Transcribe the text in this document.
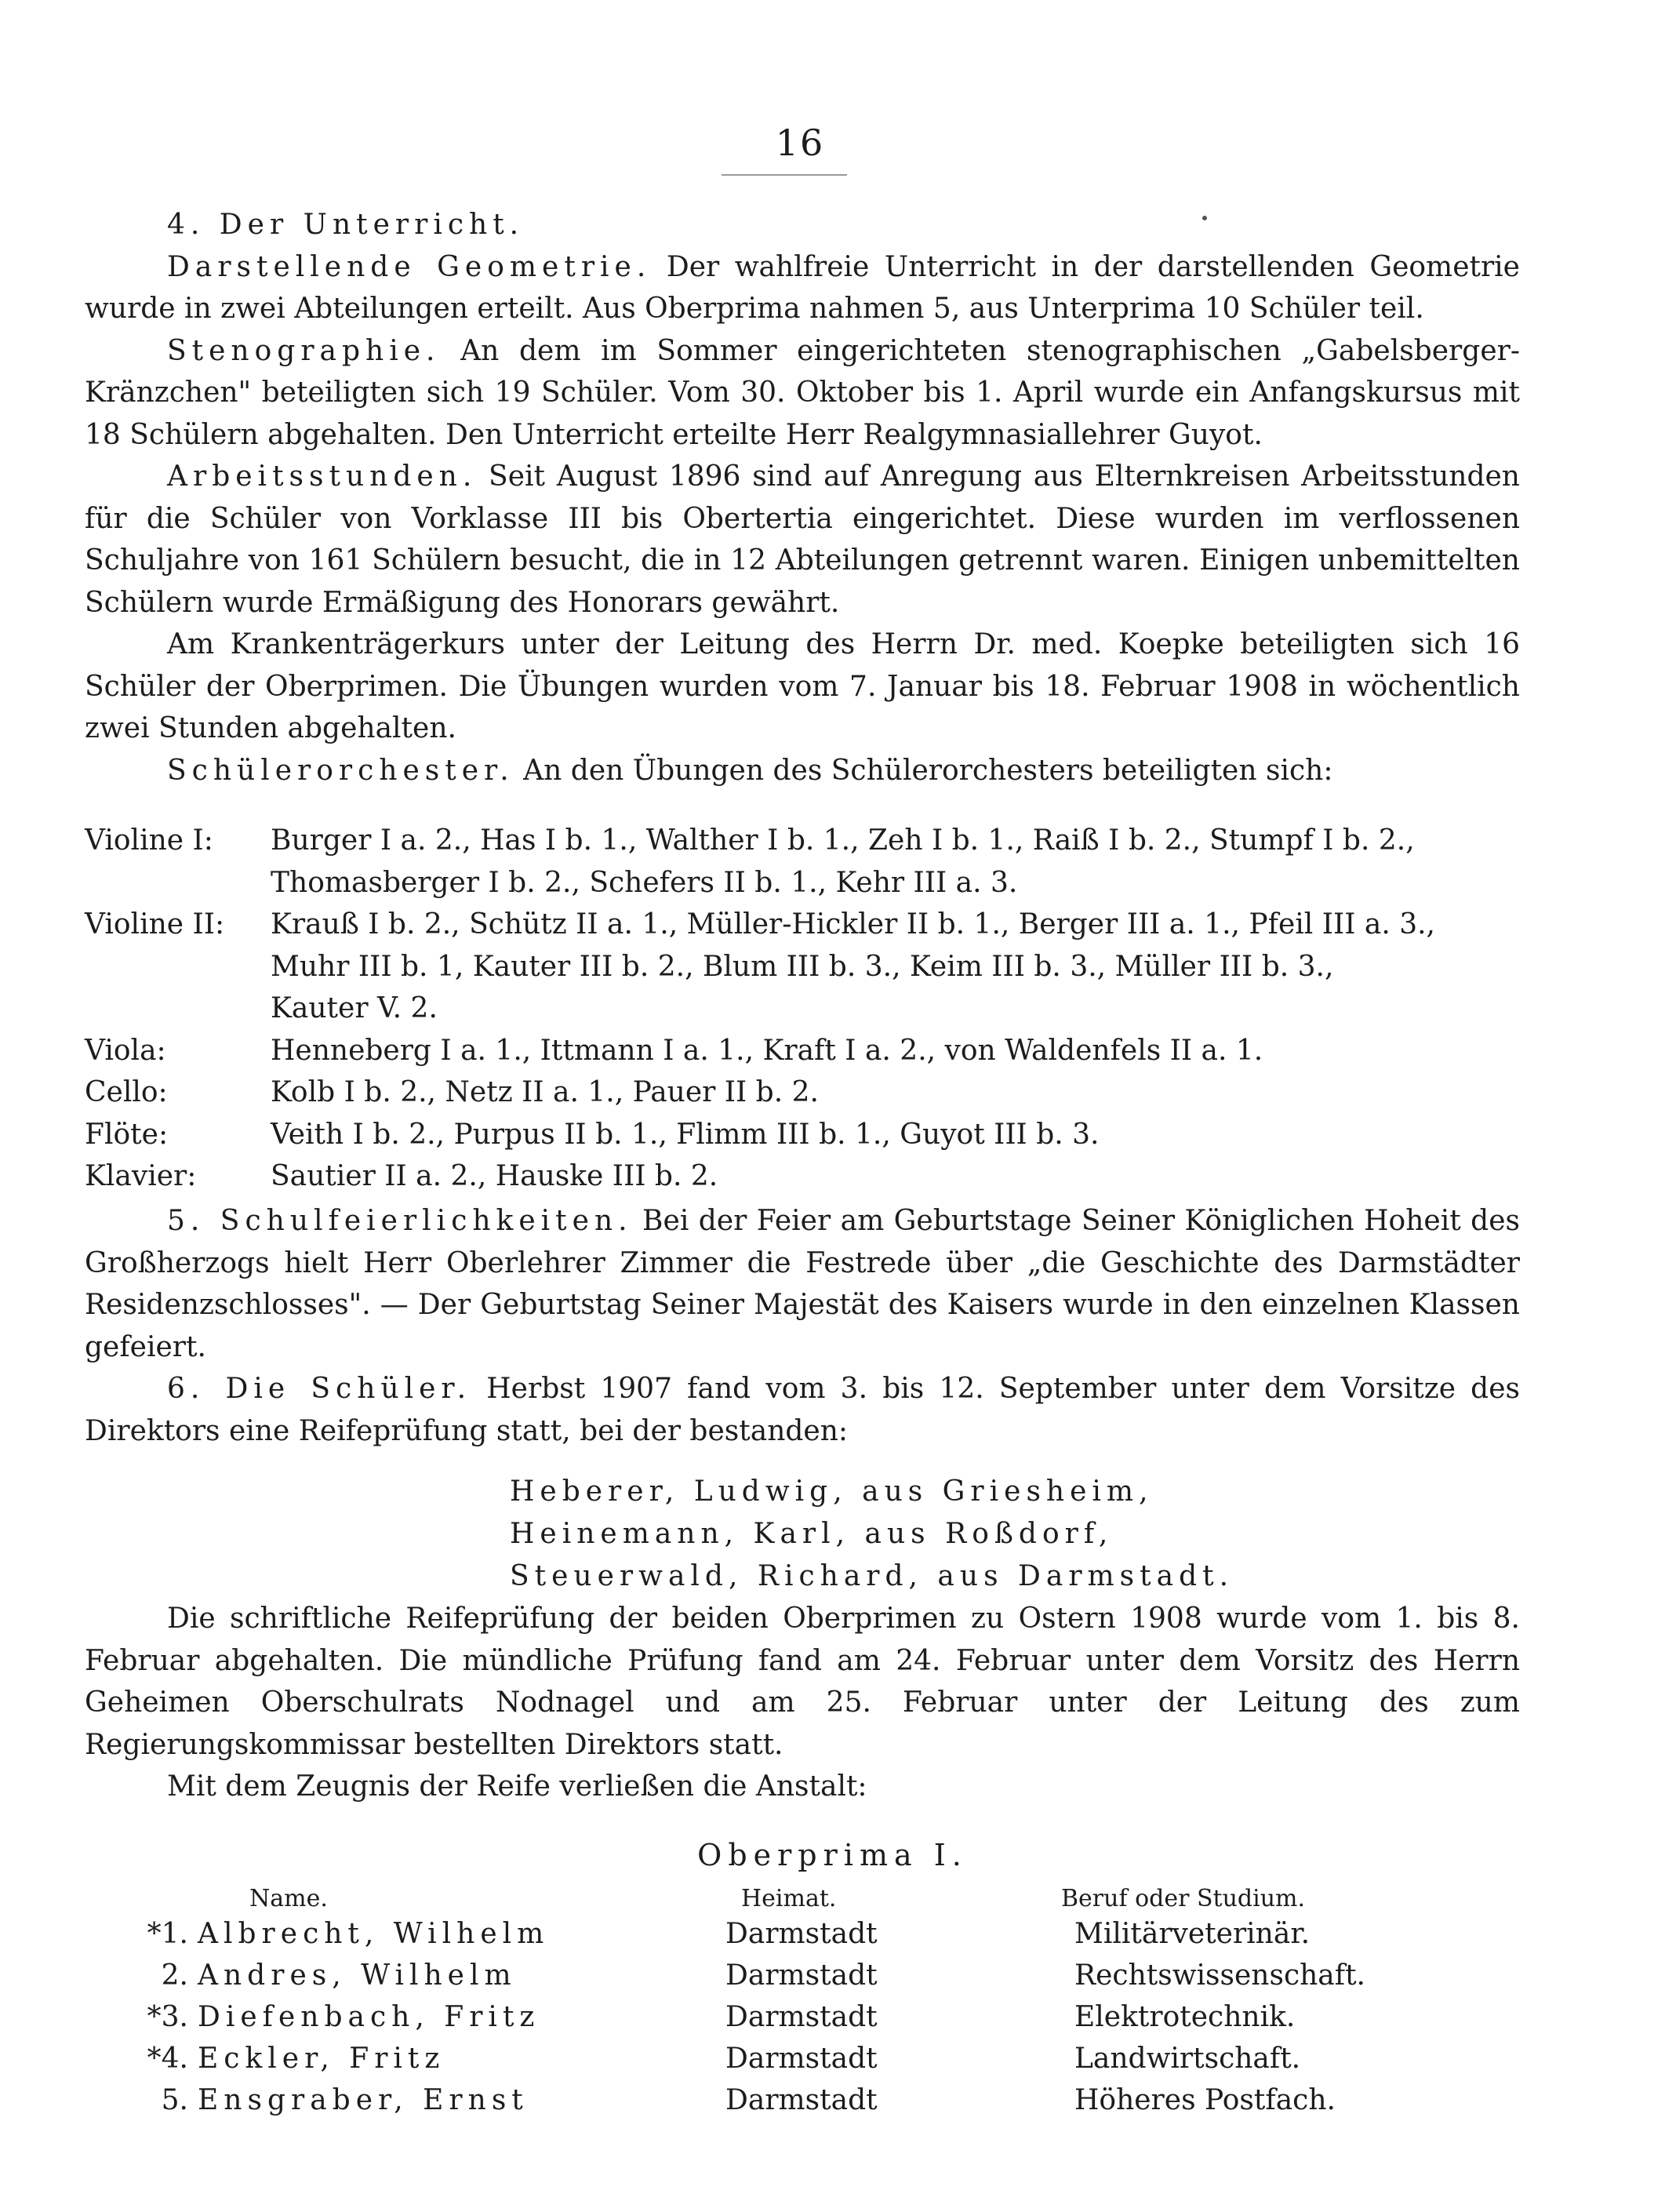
16

4. Der Unterricht.

Darstellende Geometrie. Der wahlfreie Unterricht in der darstellenden Geometrie wurde in zwei Abteilungen erteilt. Aus Oberprima nahmen 5, aus Unterprima 10 Schüler teil.

Stenographie. An dem im Sommer eingerichteten stenographischen „Gabelsberger-Kränzchen" beteiligten sich 19 Schüler. Vom 30. Oktober bis 1. April wurde ein Anfangskursus mit 18 Schülern abgehalten. Den Unterricht erteilte Herr Realgymnasiallehrer Guyot.

Arbeitsstunden. Seit August 1896 sind auf Anregung aus Elternkreisen Arbeitsstunden für die Schüler von Vorklasse III bis Obertertia eingerichtet. Diese wurden im verflossenen Schuljahre von 161 Schülern besucht, die in 12 Abteilungen getrennt waren. Einigen unbemittelten Schülern wurde Ermäßigung des Honorars gewährt.

Am Krankenträgerkurs unter der Leitung des Herrn Dr. med. Koepke beteiligten sich 16 Schüler der Oberprimen. Die Übungen wurden vom 7. Januar bis 18. Februar 1908 in wöchentlich zwei Stunden abgehalten.

Schülerorchester. An den Übungen des Schülerorchesters beteiligten sich:

Violine I:	Burger I a. 2., Has I b. 1., Walther I b. 1., Zeh I b. 1., Raiß I b. 2., Stumpf I b. 2.,
Thomasberger I b. 2., Schefers II b. 1., Kehr III a. 3.
Violine II:	Krauß I b. 2., Schütz II a. 1., Müller-Hickler II b. 1., Berger III a. 1., Pfeil III a. 3.,
Muhr III b. 1, Kauter III b. 2., Blum III b. 3., Keim III b. 3., Müller III b. 3.,
Kauter V. 2.
Viola:	Henneberg I a. 1., Ittmann I a. 1., Kraft I a. 2., von Waldenfels II a. 1.
Cello:	Kolb I b. 2., Netz II a. 1., Pauer II b. 2.
Flöte:	Veith I b. 2., Purpus II b. 1., Flimm III b. 1., Guyot III b. 3.
Klavier:	Sautier II a. 2., Hauske III b. 2.

5. Schulfeierlichkeiten. Bei der Feier am Geburtstage Seiner Königlichen Hoheit des Großherzogs hielt Herr Oberlehrer Zimmer die Festrede über „die Geschichte des Darmstädter Residenzschlosses". — Der Geburtstag Seiner Majestät des Kaisers wurde in den einzelnen Klassen gefeiert.

6. Die Schüler. Herbst 1907 fand vom 3. bis 12. September unter dem Vorsitze des Direktors eine Reifeprüfung statt, bei der bestanden:

Heberer, Ludwig, aus Griesheim,
Heinemann, Karl, aus Roßdorf,
Steuerwald, Richard, aus Darmstadt.

Die schriftliche Reifeprüfung der beiden Oberprimen zu Ostern 1908 wurde vom 1. bis 8. Februar abgehalten. Die mündliche Prüfung fand am 24. Februar unter dem Vorsitz des Herrn Geheimen Oberschulrats Nodnagel und am 25. Februar unter der Leitung des zum Regierungskommissar bestellten Direktors statt.

Mit dem Zeugnis der Reife verließen die Anstalt:

Oberprima I.
Name.	Heimat.	Beruf oder Studium.
*1. Albrecht, Wilhelm	Darmstadt	Militärveterinär.
2. Andres, Wilhelm	Darmstadt	Rechtswissenschaft.
*3. Diefenbach, Fritz	Darmstadt	Elektrotechnik.
*4. Eckler, Fritz	Darmstadt	Landwirtschaft.
5. Ensgraber, Ernst	Darmstadt	Höheres Postfach.
